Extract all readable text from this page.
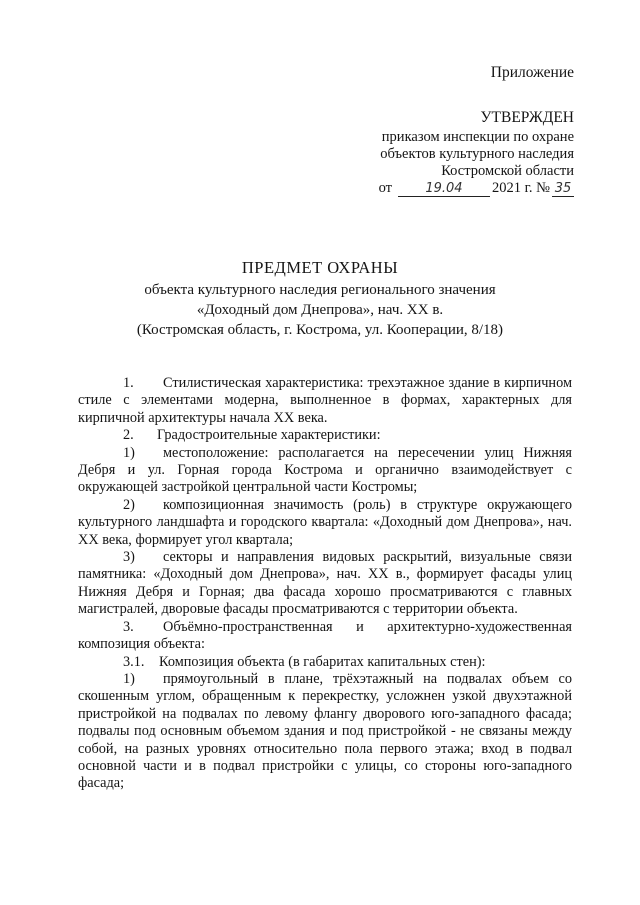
Приложение
УТВЕРЖДЕН
приказом инспекции по охране
объектов культурного наследия
Костромской области
от	19.04	2021 г. № 35
ПРЕДМЕТ ОХРАНЫ
объекта культурного наследия регионального значения
«Доходный дом Днепрова», нач. XX в.
(Костромская область, г. Кострома, ул. Кооперации, 8/18)
1. Стилистическая характеристика: трехэтажное здание в кирпичном стиле с элементами модерна, выполненное в формах, характерных для кирпичной архитектуры начала XX века.
2. Градостроительные характеристики:
1) местоположение: располагается на пересечении улиц Нижняя Дебря и ул. Горная города Кострома и органично взаимодействует с окружающей застройкой центральной части Костромы;
2) композиционная значимость (роль) в структуре окружающего культурного ландшафта и городского квартала: «Доходный дом Днепрова», нач. XX века, формирует угол квартала;
3) секторы и направления видовых раскрытий, визуальные связи памятника: «Доходный дом Днепрова», нач. XX в., формирует фасады улиц Нижняя Дебря и Горная; два фасада хорошо просматриваются с главных магистралей, дворовые фасады просматриваются с территории объекта.
3. Объёмно-пространственная и архитектурно-художественная композиция объекта:
3.1. Композиция объекта (в габаритах капитальных стен):
1) прямоугольный в плане, трёхэтажный на подвалах объем со скошенным углом, обращенным к перекрестку, усложнен узкой двухэтажной пристройкой на подвалах по левому флангу дворового юго-западного фасада; подвалы под основным объемом здания и под пристройкой - не связаны между собой, на разных уровнях относительно пола первого этажа; вход в подвал основной части и в подвал пристройки с улицы, со стороны юго-западного фасада;
